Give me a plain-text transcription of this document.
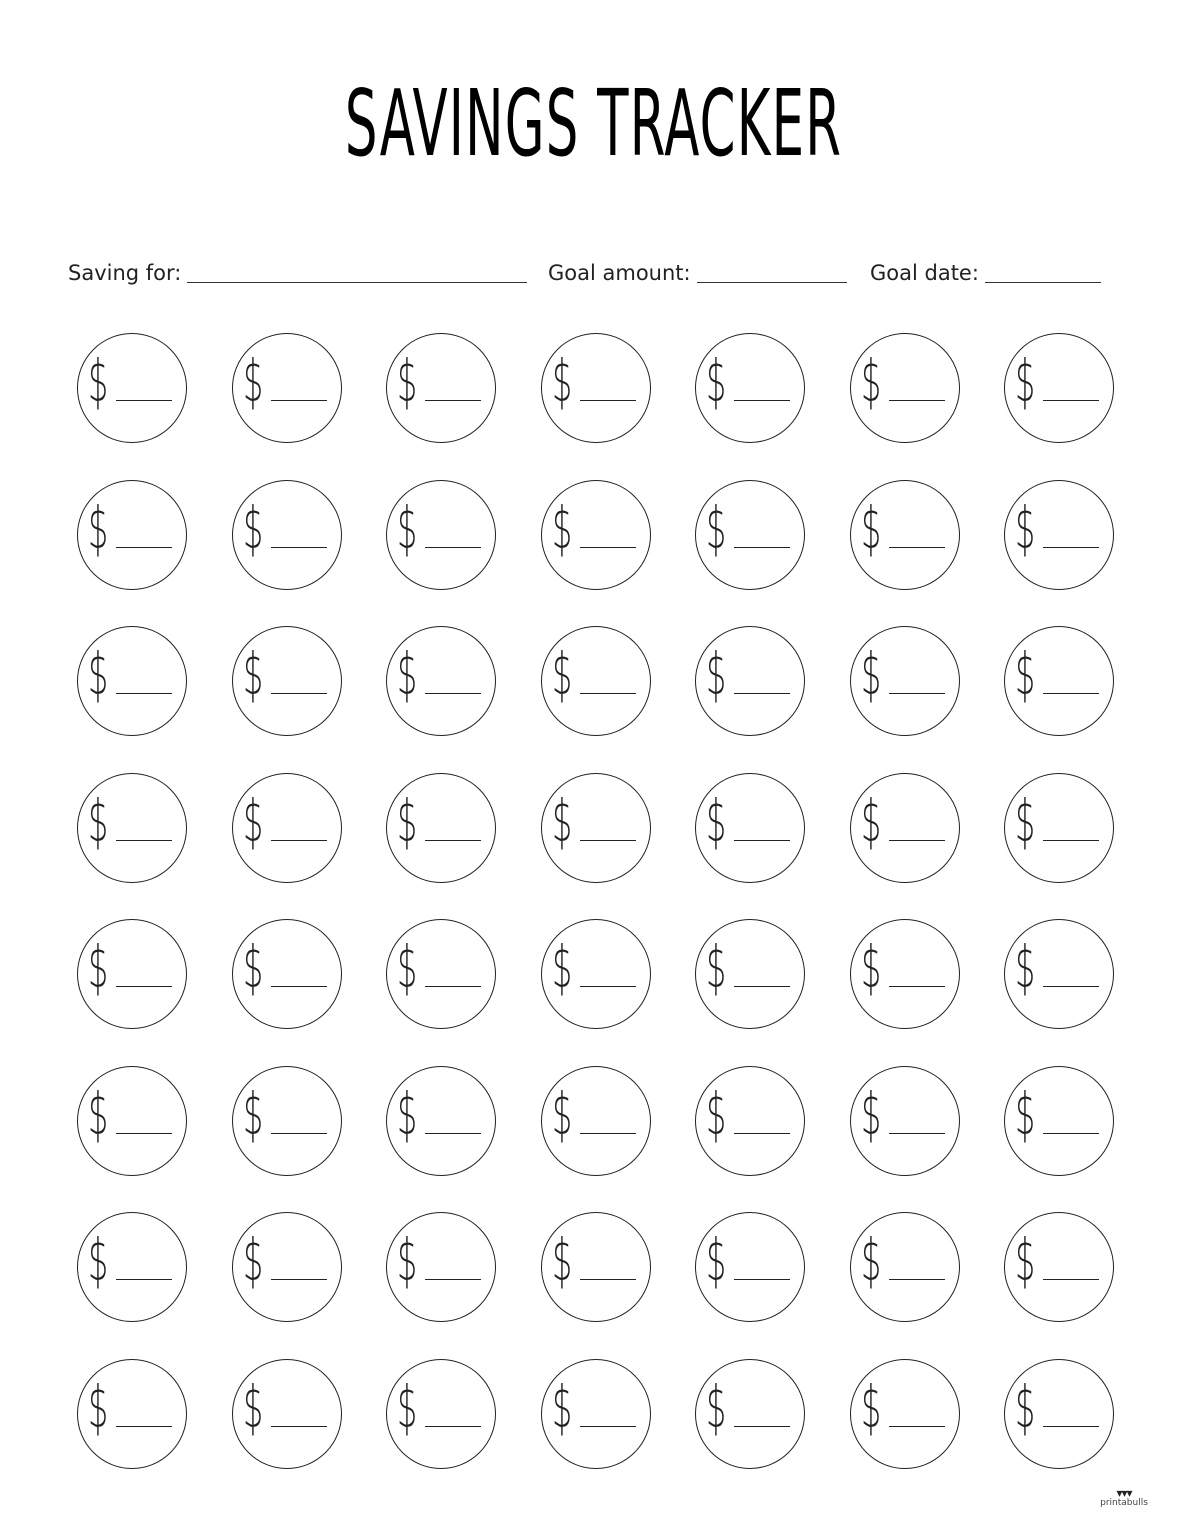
SAVINGS TRACKER
Saving for:	Goal amount:	Goal date:
$ $ $ $ $ $ $
$ $ $ $ $ $ $
$ $ $ $ $ $ $
$ $ $ $ $ $ $
$ $ $ $ $ $ $
$ $ $ $ $ $ $
$ $ $ $ $ $ $
$ $ $ $ $ $ $
▾▾▾
printabulls
